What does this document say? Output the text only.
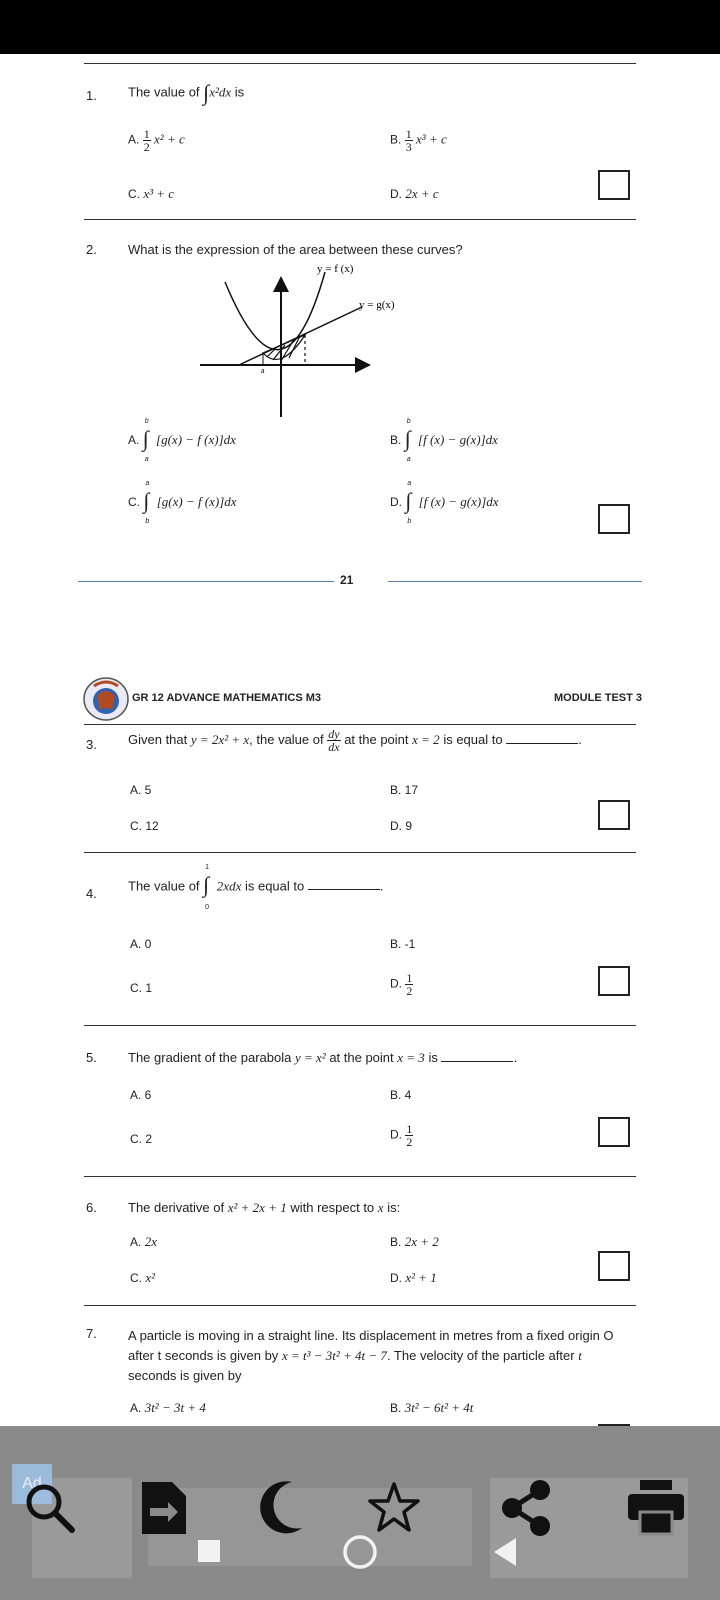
1. The value of ∫x²dx is
A. $\frac{1}{2} x^2 + c$	B. $\frac{1}{3} x^3 + c$
C. x³ + c	D. 2x + c
2. What is the expression of the area between these curves?
y = f (x)
y = g(x)
a
A.
b
∫
a
[g(x) − f (x)]dx	B.
b
∫
a
[f (x) − g(x)]dx
C.
a
∫
b
[g(x) − f (x)]dx	D.
a
∫
b
[f (x) − g(x)]dx
21
GR 12 ADVANCE MATHEMATICS M3	MODULE TEST 3
3. Given that y = 2x² + x, the value of $\frac{dy}{dx}$ at the point x = 2 is equal to	.
A. 5	B. 17
C. 12	D. 9
4.
The value of
1
∫
0
2xdx is equal to	.
A. 0	B. -1
C. 1	D. $\frac{1}{2}$
5. The gradient of the parabola y = x² at the point x = 3 is	.
A. 6	B. 4
C. 2	D. $\frac{1}{2}$
6. The derivative of x² + 2x + 1 with respect to x is:
A. 2x	B. 2x + 2
C. x²	D. x² + 1
7. A particle is moving in a straight line. Its displacement in metres from a fixed origin O
after t seconds is given by x = t³ − 3t² + 4t − 7. The velocity of the particle after t
seconds is given by
A. 3t² − 3t + 4	B. 3t² − 6t² + 4t
Ad
